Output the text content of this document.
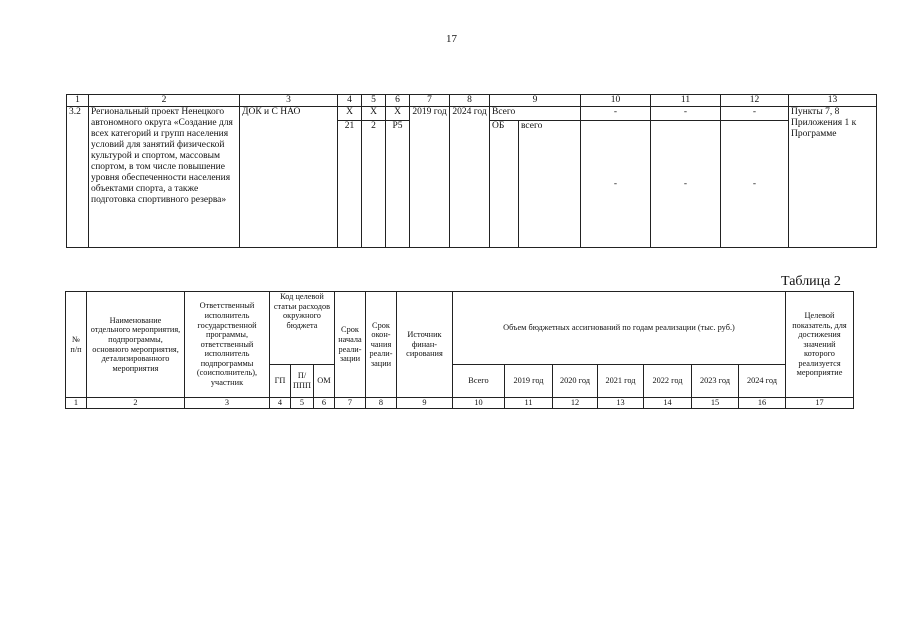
17
1	2	3	4	5	6	7	8	9		10	11	12	13
3.2	Региональный проект Ненецкого автономного округа «Создание для всех категорий и групп населения условий для занятий физической культурой и спортом, массовым спортом, в том числе повышение уровня обеспеченности населения объектами спорта, а также подготовка спортивного резерва»	ДОК и С НАО	Х	Х	Х	2019 год	2024 год	Всего		-	-	-	Пункты 7, 8 Приложения 1 к Программе
			21	2	Р5			ОБ	всего	-	-	-	
Таблица 2
№ п/п	Наименование отдельного мероприятия, подпрограммы, основного мероприятия, детализированного мероприятия	Ответственный исполнитель государственной программы, ответственный исполнитель подпрограммы (соисполнитель), участник	Код целевой статьи расходов окружного бюджета			Срок начала реали- зации	Срок окон- чания реали- зации	Источник финан- сирования	Объем бюджетных ассигнований по годам реализации (тыс. руб.)							Целевой показатель, для достижения значений которого реализуется мероприятие
			ГП	П/ ППП	ОМ				Всего	2019 год	2020 год	2021 год	2022 год	2023 год	2024 год	
1	2	3	4	5	6	7	8	9	10	11	12	13	14	15	16	17
